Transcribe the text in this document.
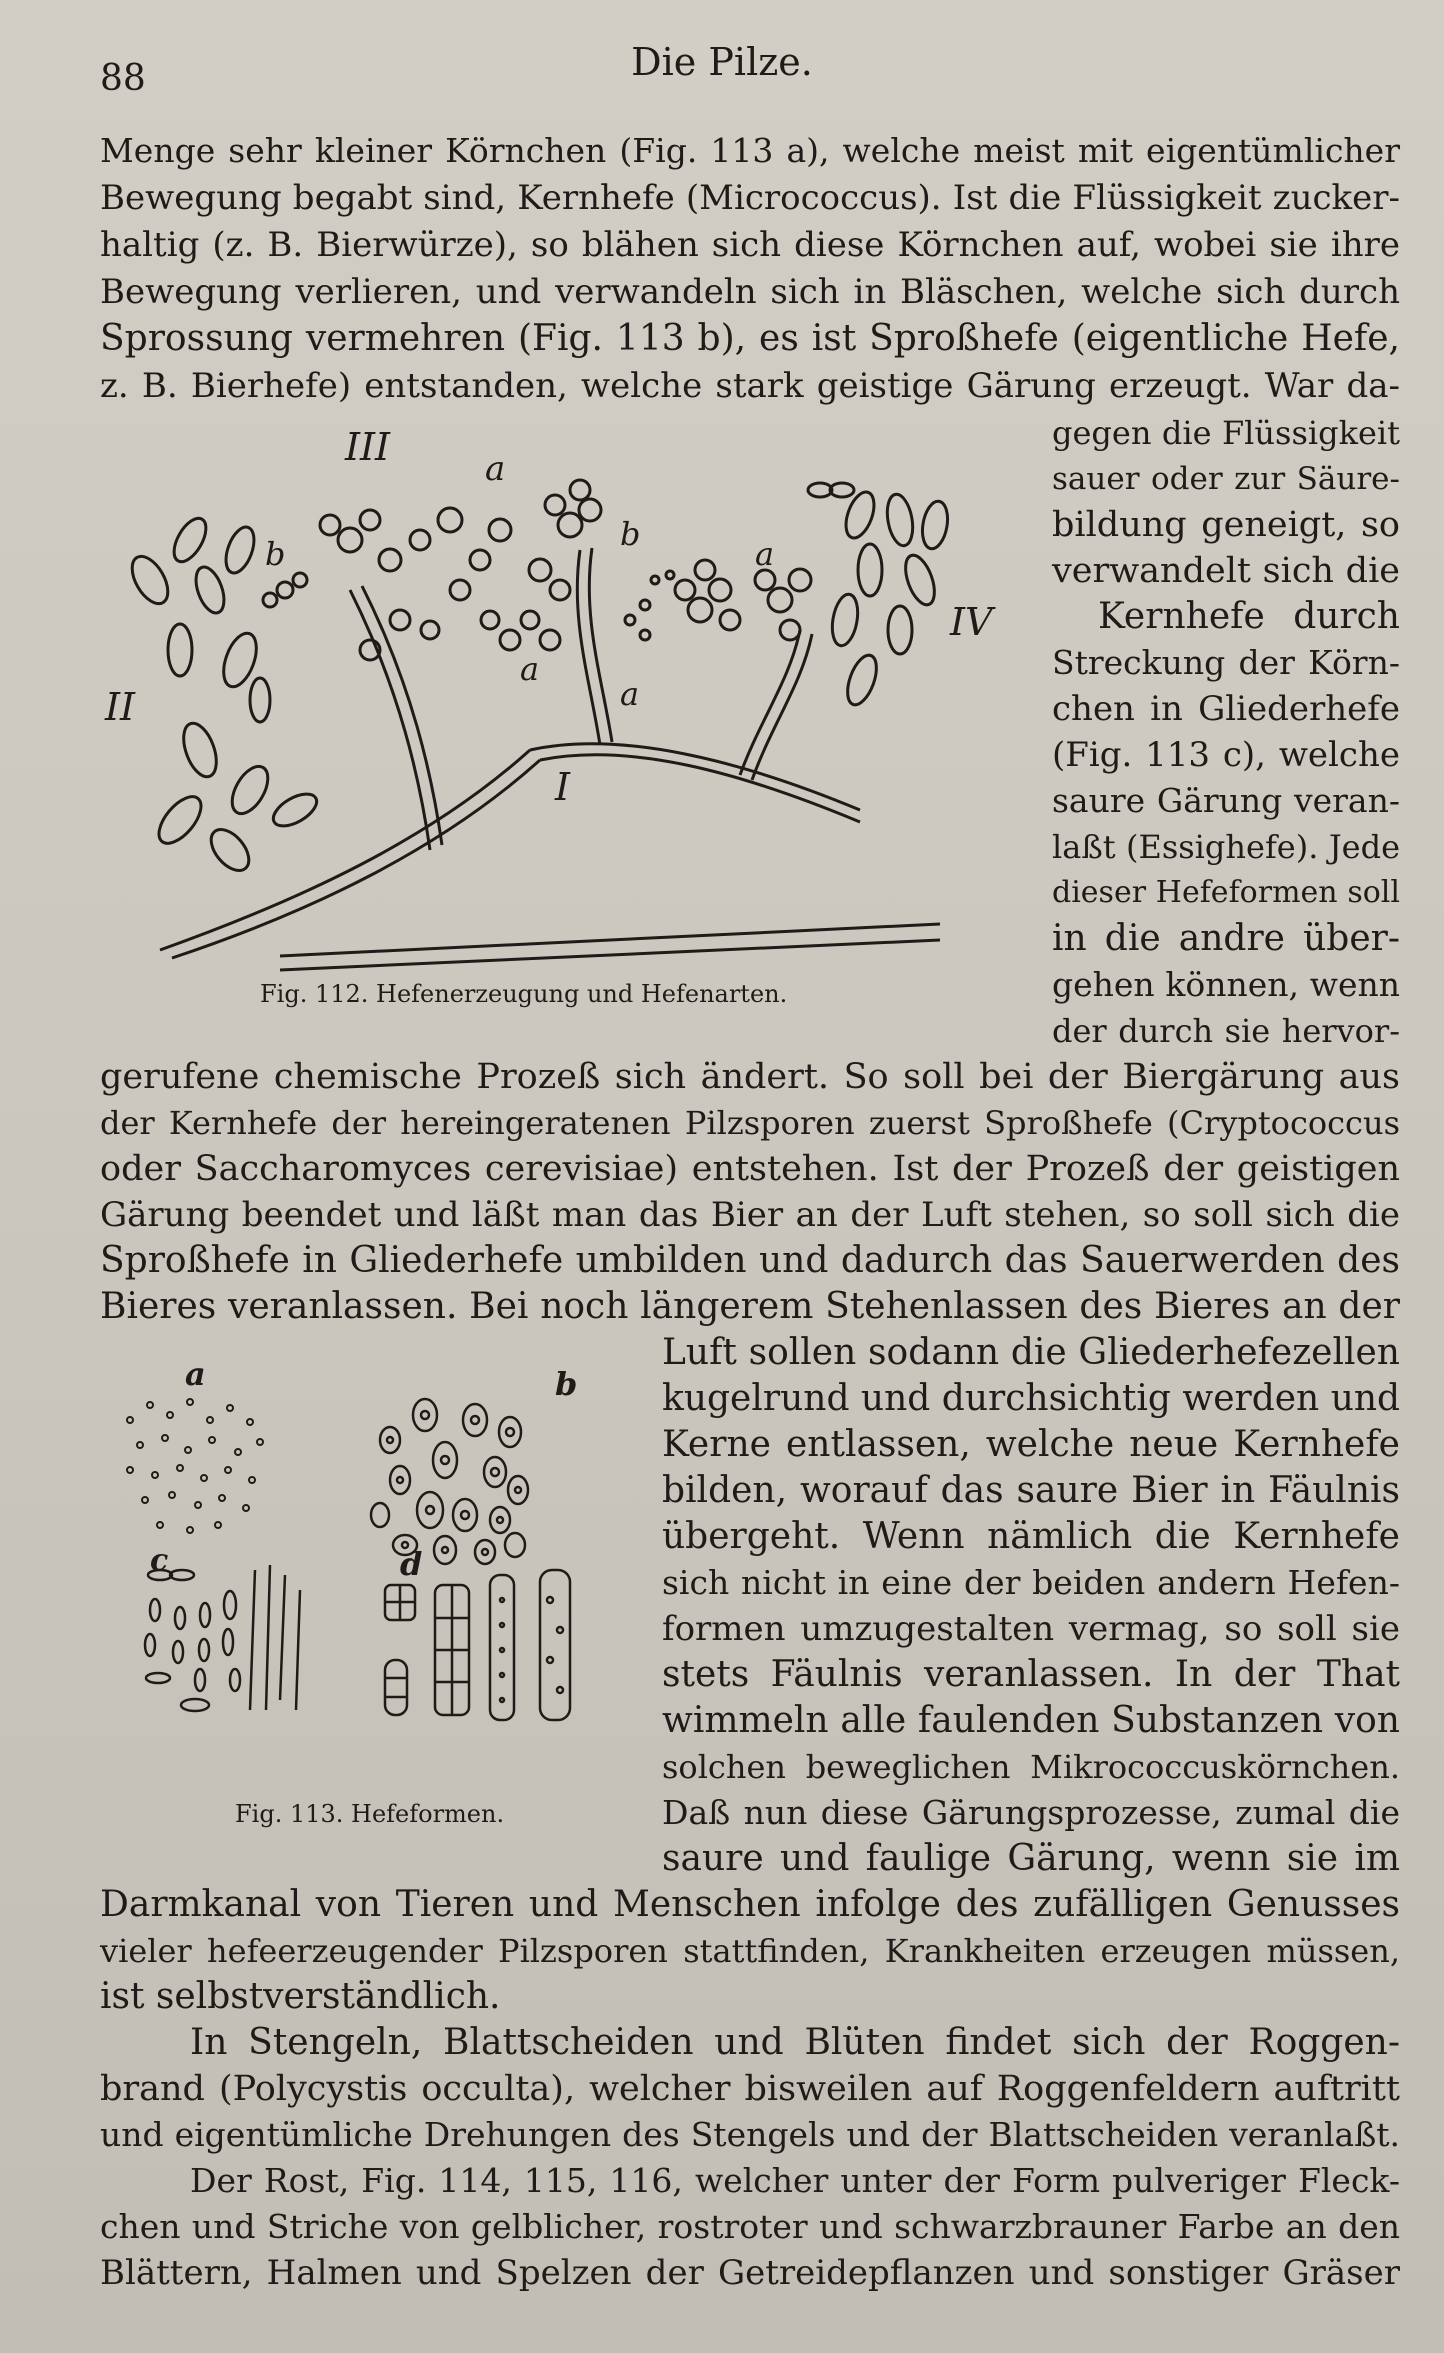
88	Die Pilze.
Menge sehr kleiner Körnchen (Fig. 113 a), welche meist mit eigentümlicher
Bewegung begabt sind, Kernhefe (Micrococcus). Ist die Flüssigkeit zucker-
haltig (z. B. Bierwürze), so blähen sich diese Körnchen auf, wobei sie ihre
Bewegung verlieren, und verwandeln sich in Bläschen, welche sich durch
Sprossung vermehren (Fig. 113 b), es ist Sproßhefe (eigentliche Hefe,
z. B. Bierhefe) entstanden, welche stark geistige Gärung erzeugt. War da-
gegen die Flüssigkeit
sauer oder zur Säure-
bildung geneigt, so
verwandelt sich die
Kernhefe durch
Streckung der Körn-
chen in Gliederhefe
(Fig. 113 c), welche
saure Gärung veran-
laßt (Essighefe). Jede
dieser Hefeformen soll
in die andre über-
gehen können, wenn
der durch sie hervor-
III	a
b
b
a
IV
a
a
II
I
Fig. 112. Hefenerzeugung und Hefenarten.
gerufene chemische Prozeß sich ändert. So soll bei der Biergärung aus
der Kernhefe der hereingeratenen Pilzsporen zuerst Sproßhefe (Cryptococcus
oder Saccharomyces cerevisiae) entstehen. Ist der Prozeß der geistigen
Gärung beendet und läßt man das Bier an der Luft stehen, so soll sich die
Sproßhefe in Gliederhefe umbilden und dadurch das Sauerwerden des
Bieres veranlassen. Bei noch längerem Stehenlassen des Bieres an der
Luft sollen sodann die Gliederhefezellen
kugelrund und durchsichtig werden und
Kerne entlassen, welche neue Kernhefe
bilden, worauf das saure Bier in Fäulnis
übergeht. Wenn nämlich die Kernhefe
sich nicht in eine der beiden andern Hefen-
formen umzugestalten vermag, so soll sie
stets Fäulnis veranlassen. In der That
wimmeln alle faulenden Substanzen von
solchen beweglichen Mikrococcuskörnchen.
Daß nun diese Gärungsprozesse, zumal die
saure und faulige Gärung, wenn sie im
a	b
c	d
Fig. 113. Hefeformen.
Darmkanal von Tieren und Menschen infolge des zufälligen Genusses
vieler hefeerzeugender Pilzsporen stattfinden, Krankheiten erzeugen müssen,
ist selbstverständlich.
In Stengeln, Blattscheiden und Blüten findet sich der Roggen-
brand (Polycystis occulta), welcher bisweilen auf Roggenfeldern auftritt
und eigentümliche Drehungen des Stengels und der Blattscheiden veranlaßt.
Der Rost, Fig. 114, 115, 116, welcher unter der Form pulveriger Fleck-
chen und Striche von gelblicher, rostroter und schwarzbrauner Farbe an den
Blättern, Halmen und Spelzen der Getreidepflanzen und sonstiger Gräser
